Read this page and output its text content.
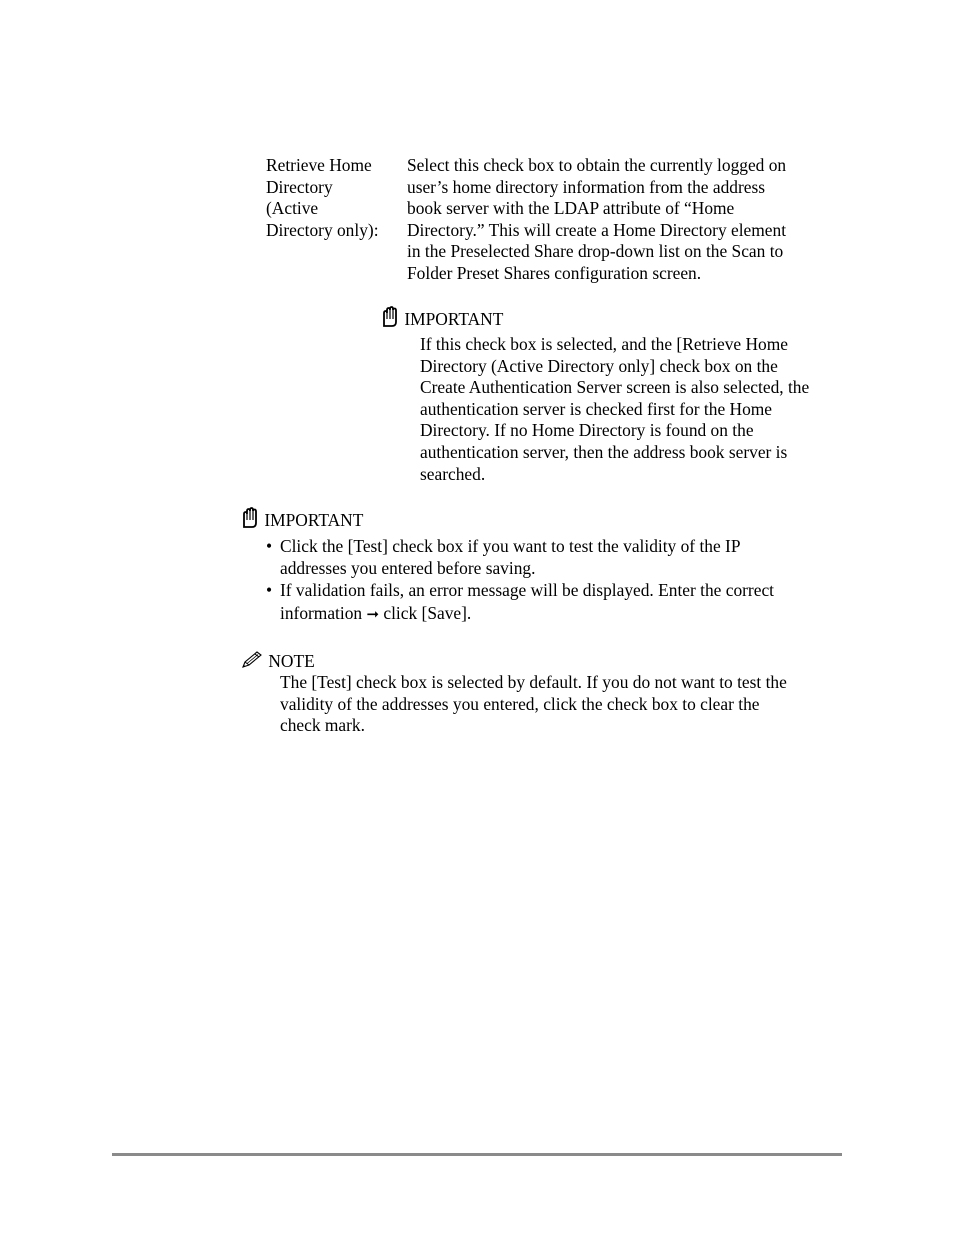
Retrieve Home
Directory
(Active
Directory only):
Select this check box to obtain the currently logged on
user’s home directory information from the address
book server with the LDAP attribute of “Home
Directory.” This will create a Home Directory element
in the Preselected Share drop-down list on the Scan to
Folder Preset Shares configuration screen.
IMPORTANT
If this check box is selected, and the [Retrieve Home
Directory (Active Directory only] check box on the
Create Authentication Server screen is also selected, the
authentication server is checked first for the Home
Directory. If no Home Directory is found on the
authentication server, then the address book server is
searched.
IMPORTANT
• Click the [Test] check box if you want to test the validity of the IP
addresses you entered before saving.
• If validation fails, an error message will be displayed. Enter the correct
information ➞ click [Save].
NOTE
The [Test] check box is selected by default. If you do not want to test the
validity of the addresses you entered, click the check box to clear the
check mark.
